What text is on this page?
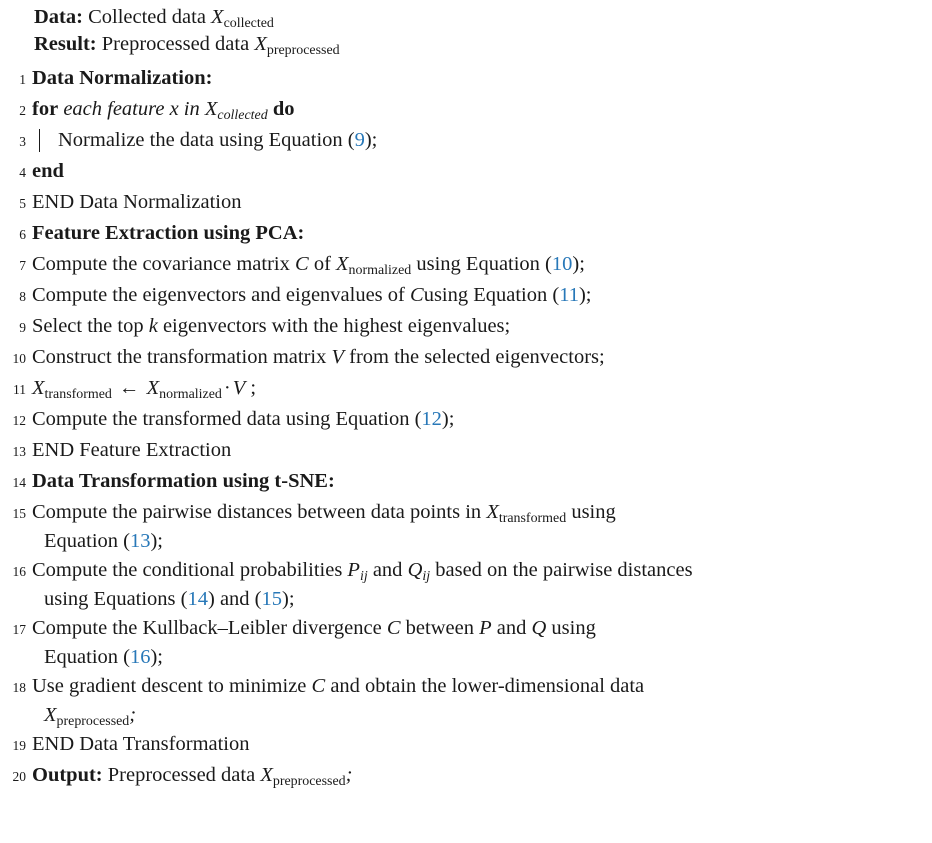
Data: Collected data $X_{collected}$
Result: Preprocessed data $X_{preprocessed}$
1 Data Normalization:
2 for each feature x in $X_{collected}$ do
3 Normalize the data using Equation (9);
4 end
5 END Data Normalization
6 Feature Extraction using PCA:
7 Compute the covariance matrix C of $X_{normalized}$ using Equation (10);
8 Compute the eigenvectors and eigenvalues of Cusing Equation (11);
9 Select the top k eigenvectors with the highest eigenvalues;
10 Construct the transformation matrix V from the selected eigenvectors;
11 $X_{transformed}$ ← $X_{normalized}\cdot V$ ;
12 Compute the transformed data using Equation (12);
13 END Feature Extraction
14 Data Transformation using t-SNE:
15 Compute the pairwise distances between data points in $X_{transformed}$ using
Equation (13);
16 Compute the conditional probabilities $P_{ij}$ and $Q_{ij}$ based on the pairwise distances
using Equations (14) and (15);
17 Compute the Kullback–Leibler divergence C between P and Q using
Equation (16);
18 Use gradient descent to minimize C and obtain the lower-dimensional data
$X_{preprocessed}$;
19 END Data Transformation
20 Output: Preprocessed data $X_{preprocessed}$;
